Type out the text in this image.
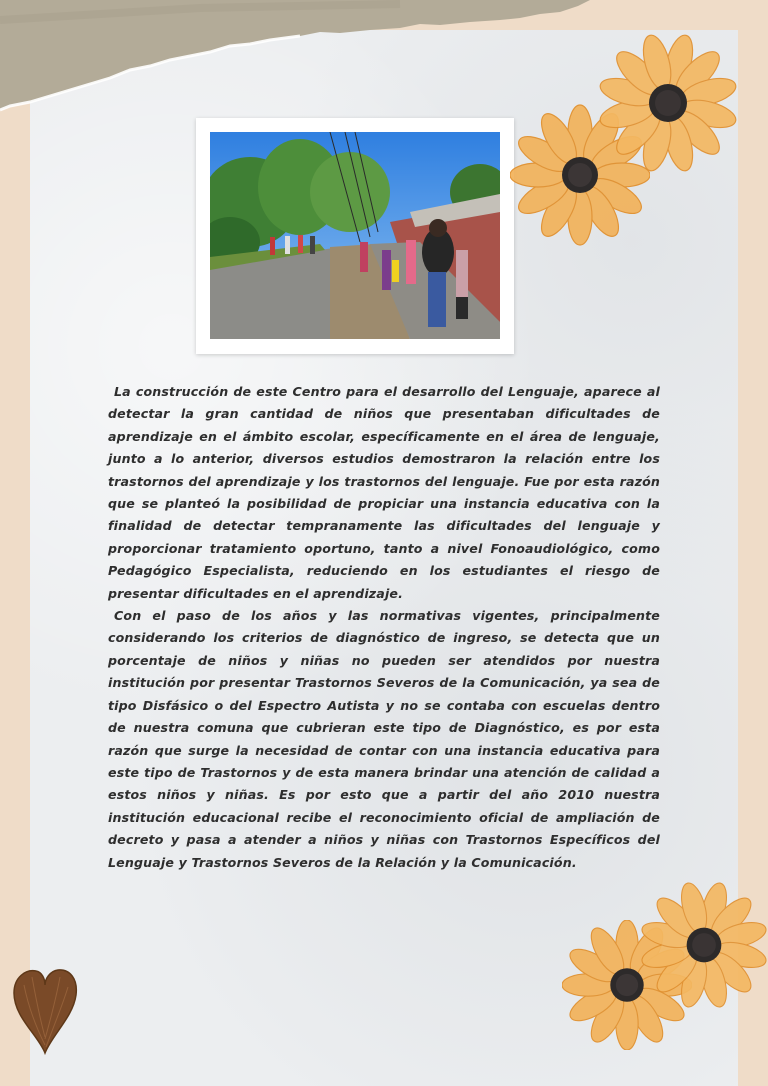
La construcción de este Centro para el desarrollo del Lenguaje, aparece al detectar la gran cantidad de niños que presentaban dificultades de aprendizaje en el ámbito escolar, específicamente en el área de lenguaje, junto a lo anterior, diversos estudios demostraron la relación entre los trastornos del aprendizaje y los trastornos del lenguaje. Fue por esta razón que se planteó la posibilidad de propiciar una instancia educativa con la finalidad de detectar tempranamente las dificultades del lenguaje y proporcionar tratamiento oportuno, tanto a nivel Fonoaudiológico, como Pedagógico Especialista, reduciendo en los estudiantes el riesgo de presentar dificultades en el aprendizaje.

Con el paso de los años y las normativas vigentes, principalmente considerando los criterios de diagnóstico de ingreso, se detecta que un porcentaje de niños y niñas no pueden ser atendidos por nuestra institución por presentar Trastornos Severos de la Comunicación, ya sea de tipo Disfásico o del Espectro Autista y no se contaba con escuelas dentro de nuestra comuna que cubrieran este tipo de Diagnóstico, es por esta razón que surge la necesidad de contar con una instancia educativa para este tipo de Trastornos y de esta manera brindar una atención de calidad a estos niños y niñas. Es por esto que a partir del año 2010 nuestra institución educacional recibe el reconocimiento oficial de ampliación de decreto y pasa a atender a niños y niñas con Trastornos Específicos del Lenguaje y Trastornos Severos de la Relación y la Comunicación.
